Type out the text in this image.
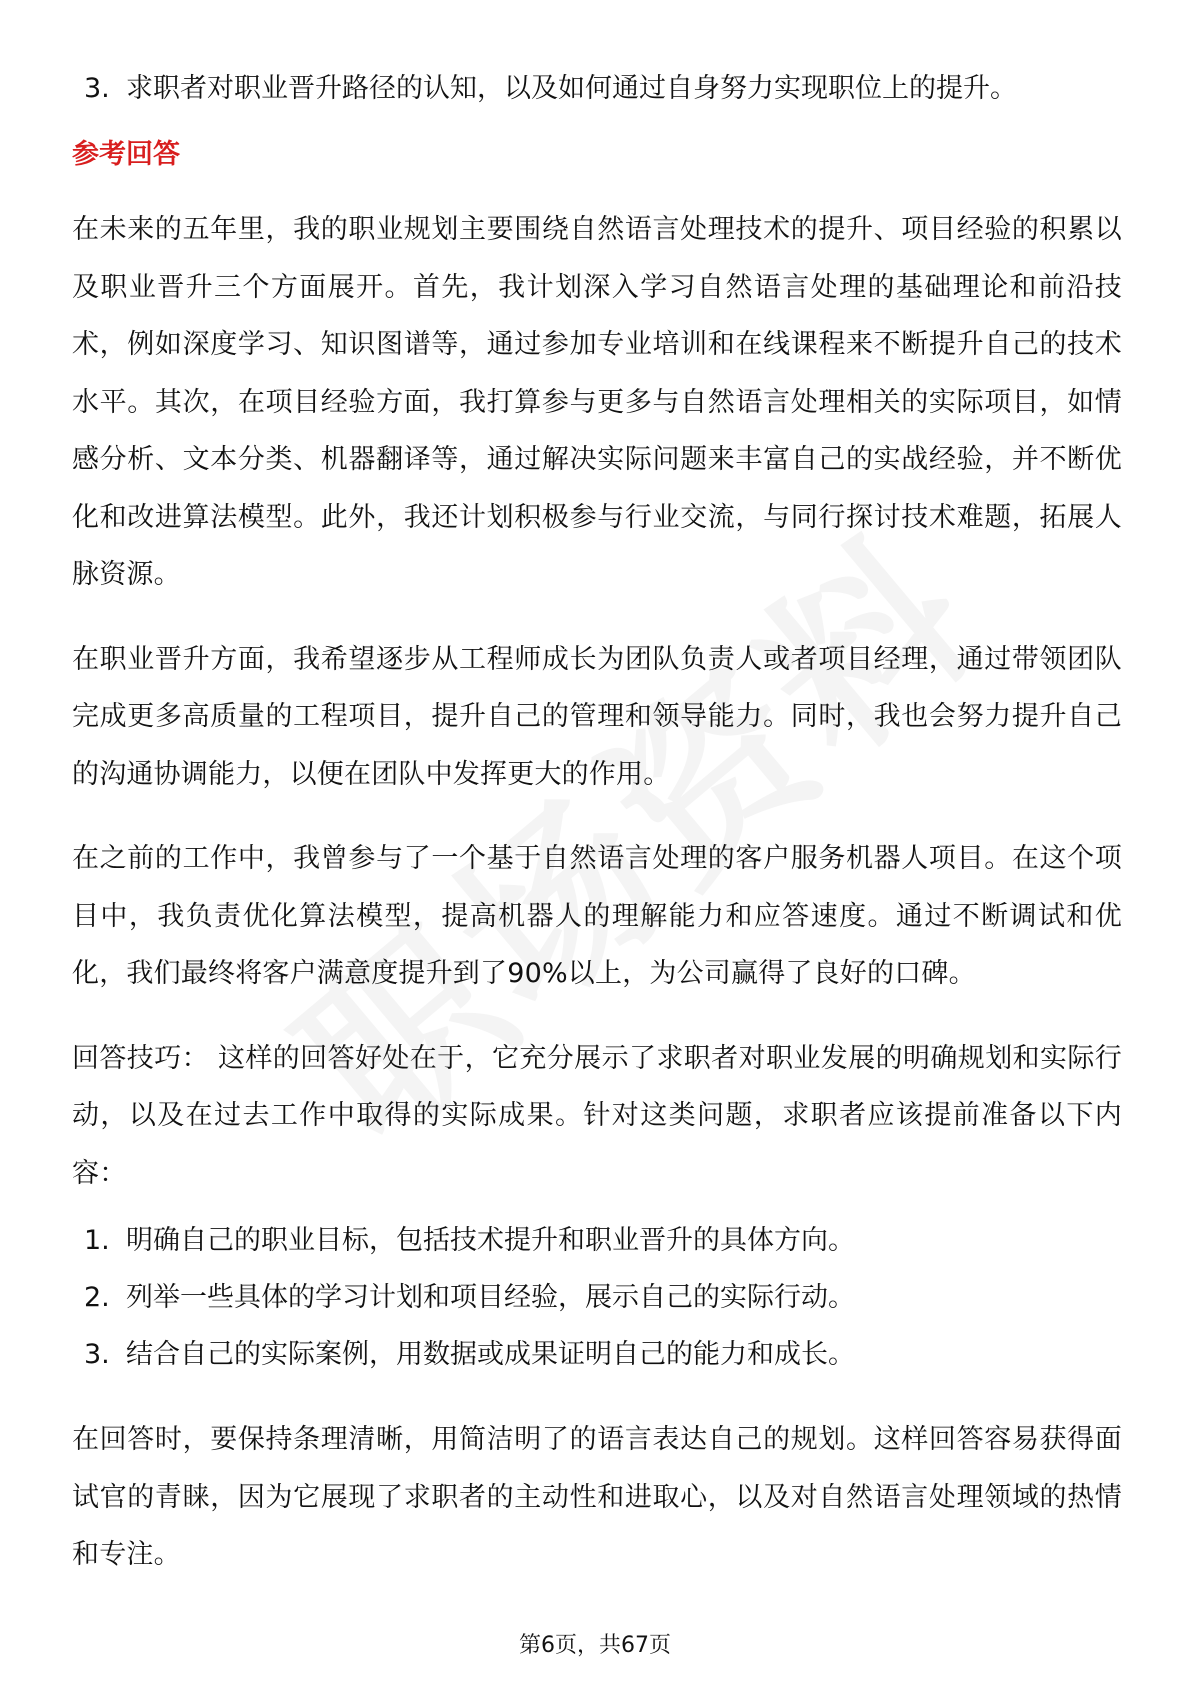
3. 求职者对职业晋升路径的认知，以及如何通过自身努力实现职位上的提升。
参考回答

在未来的五年里，我的职业规划主要围绕自然语言处理技术的提升、项目经验的积累以及职业晋升三个方面展开。首先，我计划深入学习自然语言处理的基础理论和前沿技术，例如深度学习、知识图谱等，通过参加专业培训和在线课程来不断提升自己的技术水平。其次，在项目经验方面，我打算参与更多与自然语言处理相关的实际项目，如情感分析、文本分类、机器翻译等，通过解决实际问题来丰富自己的实战经验，并不断优化和改进算法模型。此外，我还计划积极参与行业交流，与同行探讨技术难题，拓展人脉资源。

在职业晋升方面，我希望逐步从工程师成长为团队负责人或者项目经理，通过带领团队完成更多高质量的工程项目，提升自己的管理和领导能力。同时，我也会努力提升自己的沟通协调能力，以便在团队中发挥更大的作用。

在之前的工作中，我曾参与了一个基于自然语言处理的客户服务机器人项目。在这个项目中，我负责优化算法模型，提高机器人的理解能力和应答速度。通过不断调试和优化，我们最终将客户满意度提升到了90%以上，为公司赢得了良好的口碑。

回答技巧： 这样的回答好处在于，它充分展示了求职者对职业发展的明确规划和实际行动，以及在过去工作中取得的实际成果。针对这类问题，求职者应该提前准备以下内容：

1. 明确自己的职业目标，包括技术提升和职业晋升的具体方向。
2. 列举一些具体的学习计划和项目经验，展示自己的实际行动。
3. 结合自己的实际案例，用数据或成果证明自己的能力和成长。

在回答时，要保持条理清晰，用简洁明了的语言表达自己的规划。这样回答容易获得面试官的青睐，因为它展现了求职者的主动性和进取心，以及对自然语言处理领域的热情和专注。

第6页，共67页
